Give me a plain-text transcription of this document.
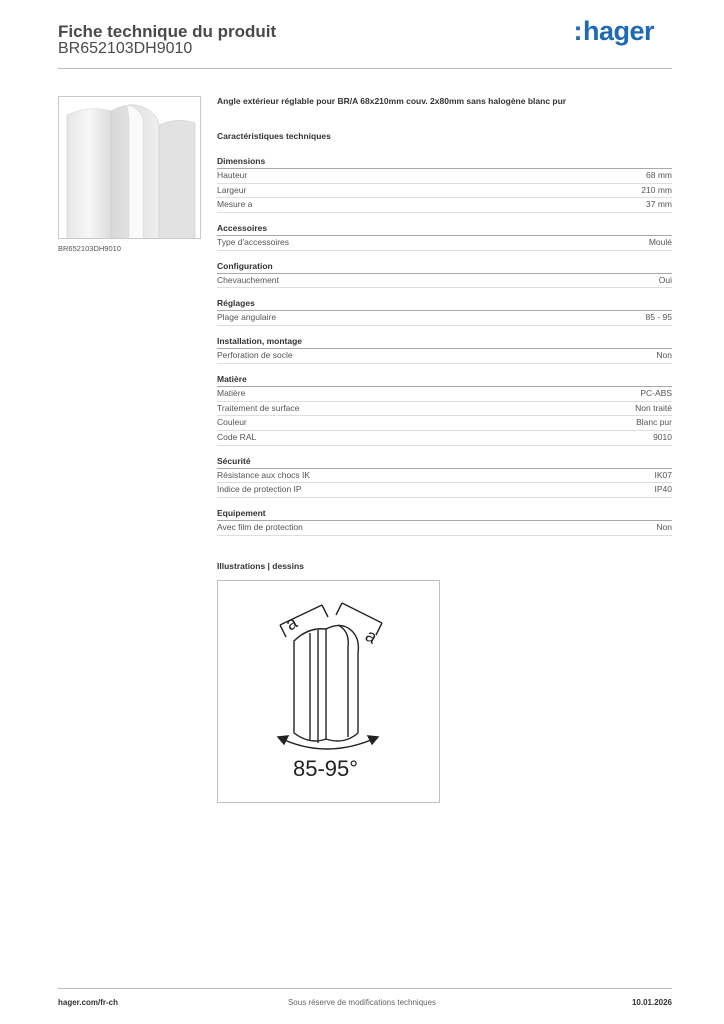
Fiche technique du produit
BR652103DH9010
:hager
BR652103DH9010
Angle extérieur réglable pour BR/A 68x210mm couv. 2x80mm sans halogène blanc pur
Caractéristiques techniques
Dimensions
Hauteur	68 mm
Largeur	210 mm
Mesure a	37 mm
Accessoires
Type d'accessoires	Moulé
Configuration
Chevauchement	Oui
Réglages
Plage angulaire	85 - 95
Installation, montage
Perforation de socle	Non
Matière
Matière	PC-ABS
Traitement de surface	Non traité
Couleur	Blanc pur
Code RAL	9010
Sécurité
Résistance aux chocs IK	IK07
Indice de protection IP	IP40
Equipement
Avec film de protection	Non
Illustrations | dessins
a
a
85-95°
hager.com/fr-ch	Sous réserve de modifications techniques	10.01.2026
